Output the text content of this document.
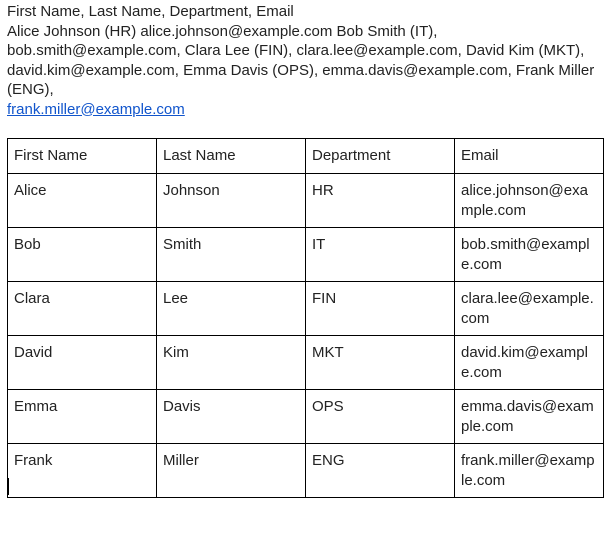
First Name, Last Name, Department, Email
Alice Johnson (HR) alice.johnson@example.com Bob Smith (IT), bob.smith@example.com, Clara Lee (FIN), clara.lee@example.com, David Kim (MKT), david.kim@example.com, Emma Davis (OPS), emma.davis@example.com, Frank Miller (ENG),
frank.miller@example.com

First Name	Last Name	Department	Email
Alice	Johnson	HR	alice.johnson@example.com
Bob	Smith	IT	bob.smith@example.com
Clara	Lee	FIN	clara.lee@example.com
David	Kim	MKT	david.kim@example.com
Emma	Davis	OPS	emma.davis@example.com
Frank	Miller	ENG	frank.miller@example.com
